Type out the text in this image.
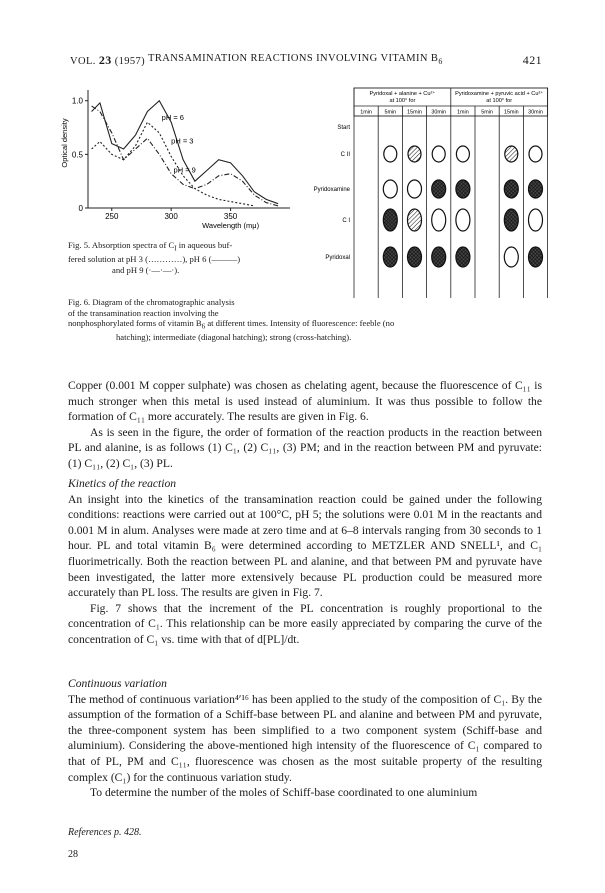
VOL. 23 (1957) TRANSAMINATION REACTIONS INVOLVING VITAMIN $B_6$	421
1.0
0.5
0
250	300	350
Wavelength (mμ)
Optical density
pH = 6
pH = 3
pH = 9
Fig. 5. Absorption spectra of $C_I$ in aqueous buf-
fered solution at pH 3 (…………), pH 6 (———)

and pH 9 (·—·—·).
Pyridoxal + alanine + Cu²⁺
at 100° for
Pyridoxamine + pyruvic acid + Cu²⁺
at 100° for
1min 5min 15min 30min 1min 5min 15min 30min
Start
C II
Pyridoxamine
C I
Pyridoxal
Fig. 6. Diagram of the chromatographic analysis
of the transamination reaction involving the
nonphosphorylated forms of vitamin $B_6$ at different times. Intensity of fluorescence: feeble (no

hatching); intermediate (diagonal hatching); strong (cross-hatching).

Copper (0.001 M copper sulphate) was chosen as chelating agent, because the fluorescence of C₁₁ is much stronger when this metal is used instead of aluminium. It was thus possible to follow the formation of C₁₁ more accurately. The results are given in Fig. 6.

As is seen in the figure, the order of formation of the reaction products in the reaction between PL and alanine, is as follows (1) C₁, (2) C₁₁, (3) PM; and in the reaction between PM and pyruvate: (1) C₁₁, (2) C₁, (3) PL.

Kinetics of the reaction

An insight into the kinetics of the transamination reaction could be gained under the following conditions: reactions were carried out at 100°C, pH 5; the solutions were 0.01 M in the reactants and 0.001 M in alum. Analyses were made at zero time and at 6–8 intervals ranging from 30 seconds to 1 hour. PL and total vitamin B₆ were determined according to METZLER AND SNELL¹, and C₁ fluorimetrically. Both the reaction between PL and alanine, and that between PM and pyruvate have been investigated, the latter more extensively because PL production could be measured more accurately than PL loss. The results are given in Fig. 7.

Fig. 7 shows that the increment of the PL concentration is roughly proportional to the concentration of C₁. This relationship can be more easily appreciated by comparing the curve of the concentration of C₁ vs. time with that of d[PL]/dt.

Continuous variation

The method of continuous variation⁴ʹ¹⁶ has been applied to the study of the composition of C₁. By the assumption of the formation of a Schiff-base between PL and alanine and between PM and pyruvate, the three-component system has been simplified to a two component system (Schiff-base and aluminium). Considering the above-mentioned high intensity of the fluorescence of C₁ compared to that of PL, PM and C₁₁, fluorescence was chosen as the most suitable property of the resulting complex (C₁) for the continuous variation study.

To determine the number of the moles of Schiff-base coordinated to one aluminium

References p. 428.
28
